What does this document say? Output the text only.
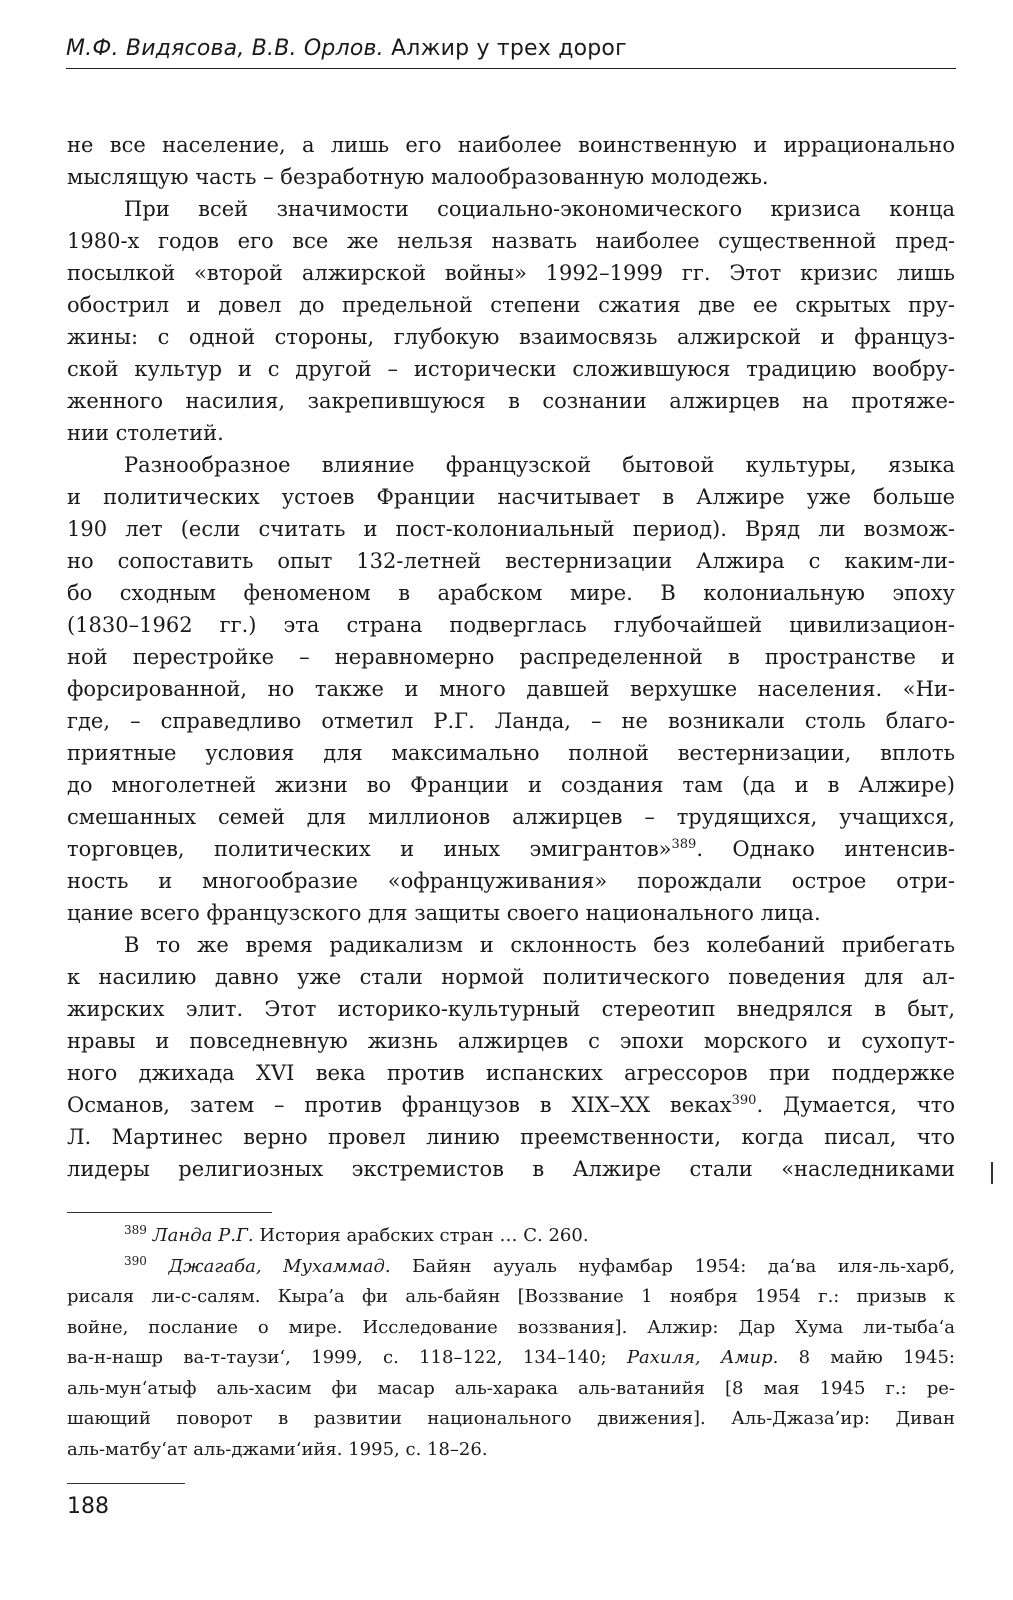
М.Ф. Видясова, В.В. Орлов. Алжир у трех дорог
не все население, а лишь его наиболее воинственную и иррационально
мыслящую часть – безработную малообразованную молодежь.
При всей значимости социально-экономического кризиса конца
1980-х годов его все же нельзя назвать наиболее существенной пред-
посылкой «второй алжирской войны» 1992–1999 гг. Этот кризис лишь
обострил и довел до предельной степени сжатия две ее скрытых пру-
жины: с одной стороны, глубокую взаимосвязь алжирской и француз-
ской культур и с другой – исторически сложившуюся традицию вообру-
женного насилия, закрепившуюся в сознании алжирцев на протяже-
нии столетий.
Разнообразное влияние французской бытовой культуры, языка
и политических устоев Франции насчитывает в Алжире уже больше
190 лет (если считать и пост-колониальный период). Вряд ли возмож-
но сопоставить опыт 132-летней вестернизации Алжира с каким-ли-
бо сходным феноменом в арабском мире. В колониальную эпоху
(1830–1962 гг.) эта страна подверглась глубочайшей цивилизацион-
ной перестройке – неравномерно распределенной в пространстве и
форсированной, но также и много давшей верхушке населения. «Ни-
где, – справедливо отметил Р.Г. Ланда, – не возникали столь благо-
приятные условия для максимально полной вестернизации, вплоть
до многолетней жизни во Франции и создания там (да и в Алжире)
смешанных семей для миллионов алжирцев – трудящихся, учащихся,
торговцев, политических и иных эмигрантов»$^{389}$. Однако интенсив-
ность и многообразие «офранцуживания» порождали острое отри-
цание всего французского для защиты своего национального лица.
В то же время радикализм и склонность без колебаний прибегать
к насилию давно уже стали нормой политического поведения для ал-
жирских элит. Этот историко-культурный стереотип внедрялся в быт,
нравы и повседневную жизнь алжирцев с эпохи морского и сухопут-
ного джихада XVI века против испанских агрессоров при поддержке
Османов, затем – против французов в XIX–XX веках$^{390}$. Думается, что
Л. Мартинес верно провел линию преемственности, когда писал, что
лидеры религиозных экстремистов в Алжире стали «наследниками
$^{389}$ Ланда Р.Г. История арабских стран … С. 260.
$^{390}$ Джагаба, Мухаммад. Байян аууаль нуфамбар 1954: да‘ва иля-ль-харб,
рисаля ли-с-салям. Кыра’а фи аль-байян [Воззвание 1 ноября 1954 г.: призыв к
войне, послание о мире. Исследование воззвания]. Алжир: Дар Хума ли-тыба‘а
ва-н-нашр ва-т-таузи‘, 1999, с. 118–122, 134–140; Рахиля, Амир. 8 майю 1945:
аль-мун‘атыф аль-хасим фи масар аль-харака аль-ватанийя [8 мая 1945 г.: ре-
шающий поворот в развитии национального движения]. Аль-Джаза’ир: Диван
аль-матбу‘ат аль-джами‘ийя. 1995, с. 18–26.
188
